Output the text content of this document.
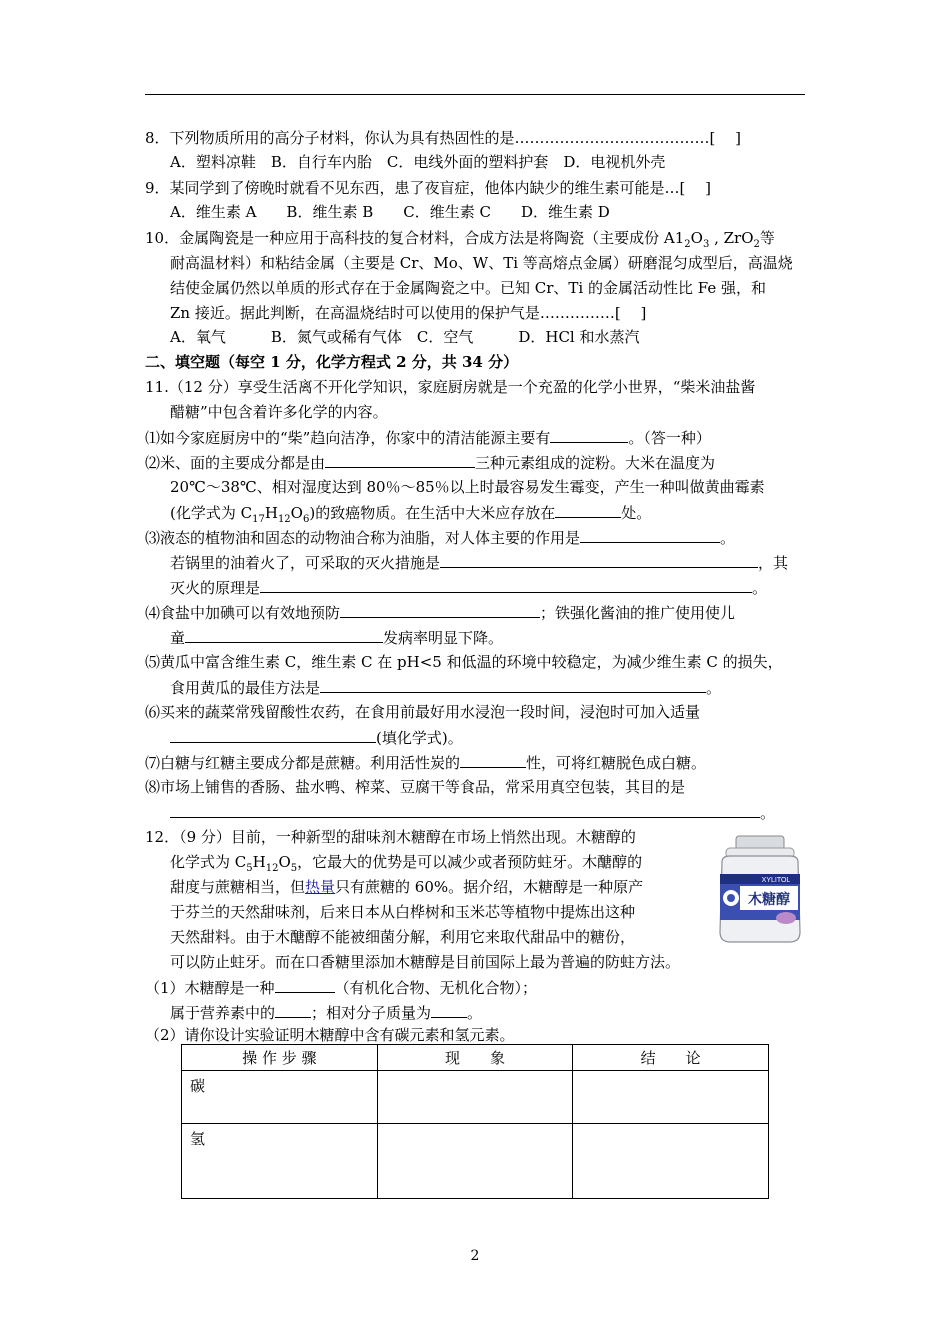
8．下列物质所用的高分子材料，你认为具有热固性的是…………………………………[　 ]
A．塑料凉鞋　B．自行车内胎　C．电线外面的塑料护套　D．电视机外壳
9．某同学到了傍晚时就看不见东西，患了夜盲症，他体内缺少的维生素可能是…[　 ]
A．维生素 A　　B．维生素 B　　C．维生素 C　　D．维生素 D
10．金属陶瓷是一种应用于高科技的复合材料，合成方法是将陶瓷（主要成份 $A1_2O_3$ , ZrO$_2$等
耐高温材料）和粘结金属（主要是 Cr、Mo、W、Ti 等高熔点金属）研磨混匀成型后，高温烧
结使金属仍然以单质的形式存在于金属陶瓷之中。已知 Cr、Ti 的金属活动性比 Fe 强，和
Zn 接近。据此判断，在高温烧结时可以使用的保护气是……………[　 ]
A．氧气　　　B．氮气或稀有气体　C．空气　　　D．HCl 和水蒸汽
二、填空题（每空 1 分，化学方程式 2 分，共 34 分）
11.（12 分）享受生活离不开化学知识，家庭厨房就是一个充盈的化学小世界，“柴米油盐酱
醋糖”中包含着许多化学的内容。
⑴如今家庭厨房中的“柴”趋向洁净，你家中的清洁能源主要有	。（答一种）
⑵米、面的主要成分都是由	三种元素组成的淀粉。大米在温度为
20℃～38℃、相对湿度达到 80％～85％以上时最容易发生霉变，产生一种叫做黄曲霉素
(化学式为 $C_{17}H_{12}O_6$)的致癌物质。在生活中大米应存放在	处。
⑶液态的植物油和固态的动物油合称为油脂，对人体主要的作用是	。
若锅里的油着火了，可采取的灭火措施是	，其
灭火的原理是	。
⑷食盐中加碘可以有效地预防	；铁强化酱油的推广使用使儿
童	发病率明显下降。
⑸黄瓜中富含维生素 C，维生素 C 在 pH<5 和低温的环境中较稳定，为减少维生素 C 的损失，
食用黄瓜的最佳方法是	。
⑹买来的蔬菜常残留酸性农药，在食用前最好用水浸泡一段时间，浸泡时可加入适量
(填化学式)。
⑺白糖与红糖主要成分都是蔗糖。利用活性炭的	性，可将红糖脱色成白糖。
⑻市场上铺售的香肠、盐水鸭、榨菜、豆腐干等食品，常采用真空包装，其目的是
。
12．（9 分）目前，一种新型的甜味剂木糖醇在市场上悄然出现。木糖醇的
化学式为 $C_5H_{12}O_5$，它最大的优势是可以减少或者预防蛀牙。木醣醇的
甜度与蔗糖相当，但热量只有蔗糖的 60%。据介绍，木糖醇是一种原产
于芬兰的天然甜味剂，后来日本从白桦树和玉米芯等植物中提炼出这种
天然甜料。由于木醣醇不能被细菌分解，利用它来取代甜品中的糖份，
可以防止蛀牙。而在口香糖里添加木糖醇是目前国际上最为普遍的防蛀方法。
（1）木糖醇是一种	（有机化合物、无机化合物）；
属于营养素中的 ；相对分子质量为 。
（2）请你设计实验证明木糖醇中含有碳元素和氢元素。
XYLITOL
木糖醇
操 作 步 骤	现　　象	结　　论
碳		
氢		
2
